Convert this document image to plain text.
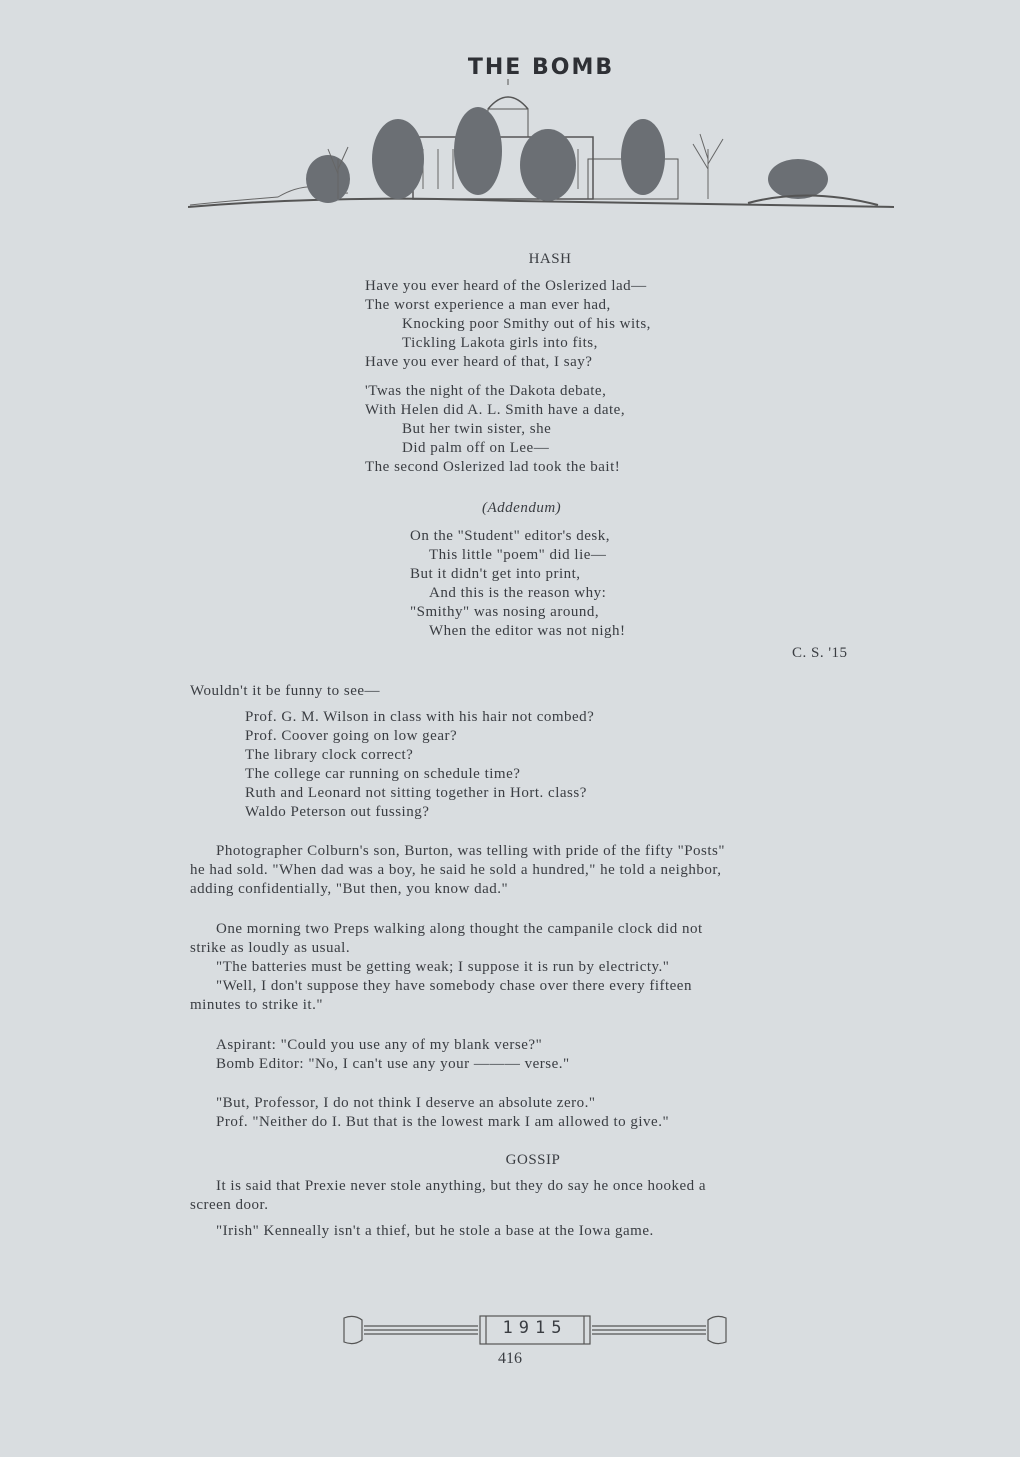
THE BOMB
HASH
Have you ever heard of the Oslerized lad—
The worst experience a man ever had,
Knocking poor Smithy out of his wits,
Tickling Lakota girls into fits,
Have you ever heard of that, I say?
'Twas the night of the Dakota debate,
With Helen did A. L. Smith have a date,
But her twin sister, she
Did palm off on Lee—
The second Oslerized lad took the bait!
(Addendum)
On the "Student" editor's desk,
This little "poem" did lie—
But it didn't get into print,
And this is the reason why:
"Smithy" was nosing around,
When the editor was not nigh!
C. S. '15
Wouldn't it be funny to see—
Prof. G. M. Wilson in class with his hair not combed?
Prof. Coover going on low gear?
The library clock correct?
The college car running on schedule time?
Ruth and Leonard not sitting together in Hort. class?
Waldo Peterson out fussing?
Photographer Colburn's son, Burton, was telling with pride of the fifty "Posts"
he had sold. "When dad was a boy, he said he sold a hundred," he told a neighbor,
adding confidentially, "But then, you know dad."
One morning two Preps walking along thought the campanile clock did not
strike as loudly as usual.
"The batteries must be getting weak; I suppose it is run by electricty."
"Well, I don't suppose they have somebody chase over there every fifteen
minutes to strike it."
Aspirant: "Could you use any of my blank verse?"
Bomb Editor: "No, I can't use any your ——— verse."
"But, Professor, I do not think I deserve an absolute zero."
Prof. "Neither do I. But that is the lowest mark I am allowed to give."
GOSSIP
It is said that Prexie never stole anything, but they do say he once hooked a
screen door.
"Irish" Kenneally isn't a thief, but he stole a base at the Iowa game.
1915
416
